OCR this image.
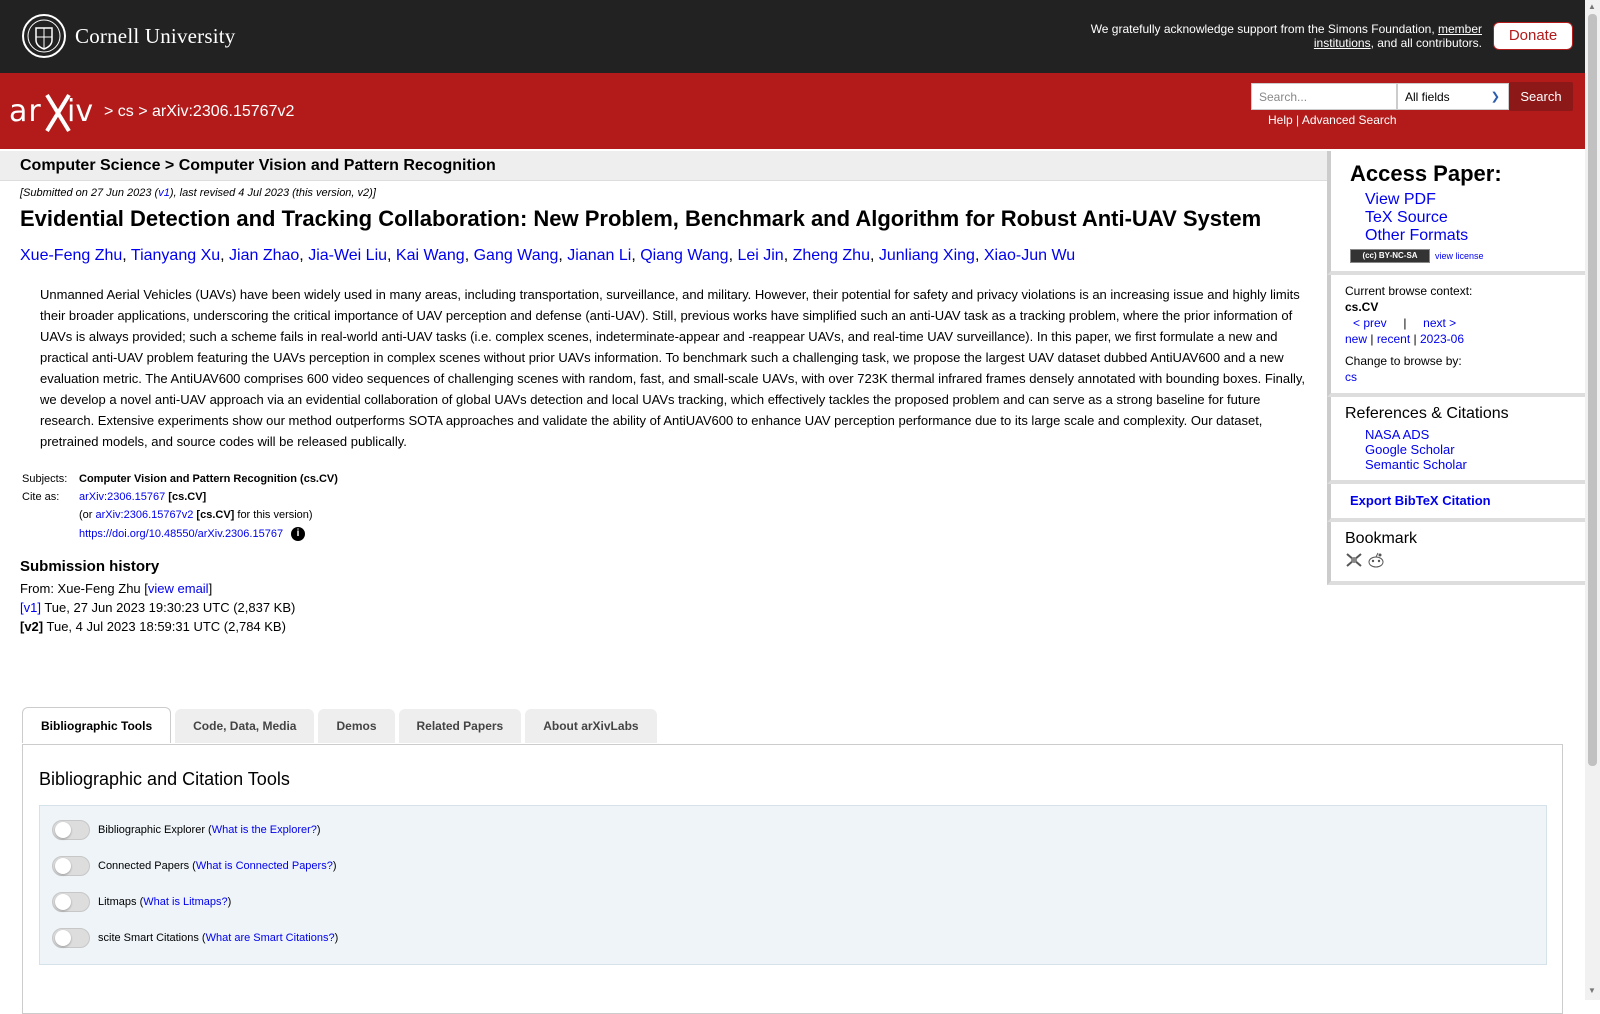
Cornell University	We gratefully acknowledge support from the Simons Foundation, member institutions, and all contributors.	Donate
ar iv > cs > arXiv:2306.15767v2
Search...	All fields	❯	Search
Help | Advanced Search
Computer Science > Computer Vision and Pattern Recognition
[Submitted on 27 Jun 2023 (v1), last revised 4 Jul 2023 (this version, v2)]
Evidential Detection and Tracking Collaboration: New Problem, Benchmark and Algorithm for Robust Anti-UAV System
Xue-Feng Zhu, Tianyang Xu, Jian Zhao, Jia-Wei Liu, Kai Wang, Gang Wang, Jianan Li, Qiang Wang, Lei Jin, Zheng Zhu, Junliang Xing, Xiao-Jun Wu
Unmanned Aerial Vehicles (UAVs) have been widely used in many areas, including transportation, surveillance, and military. However, their potential for safety and privacy violations is an increasing issue and highly limits their broader applications, underscoring the critical importance of UAV perception and defense (anti-UAV). Still, previous works have simplified such an anti-UAV task as a tracking problem, where the prior information of UAVs is always provided; such a scheme fails in real-world anti-UAV tasks (i.e. complex scenes, indeterminate-appear and -reappear UAVs, and real-time UAV surveillance). In this paper, we first formulate a new and practical anti-UAV problem featuring the UAVs perception in complex scenes without prior UAVs information. To benchmark such a challenging task, we propose the largest UAV dataset dubbed AntiUAV600 and a new evaluation metric. The AntiUAV600 comprises 600 video sequences of challenging scenes with random, fast, and small-scale UAVs, with over 723K thermal infrared frames densely annotated with bounding boxes. Finally, we develop a novel anti-UAV approach via an evidential collaboration of global UAVs detection and local UAVs tracking, which effectively tackles the proposed problem and can serve as a strong baseline for future research. Extensive experiments show our method outperforms SOTA approaches and validate the ability of AntiUAV600 to enhance UAV perception performance due to its large scale and complexity. Our dataset, pretrained models, and source codes will be released publically.
Subjects:	Computer Vision and Pattern Recognition (cs.CV)
Cite as:	arXiv:2306.15767 [cs.CV]
	(or arXiv:2306.15767v2 [cs.CV] for this version)
	https://doi.org/10.48550/arXiv.2306.15767 i
Submission history
From: Xue-Feng Zhu [view email]
[v1] Tue, 27 Jun 2023 19:30:23 UTC (2,837 KB)
[v2] Tue, 4 Jul 2023 18:59:31 UTC (2,784 KB)
Access Paper:
View PDF
TeX Source
Other Formats
(cc) BY-NC-SA	view license
Current browse context:
cs.CV
< prev | next >
new | recent | 2023-06
Change to browse by:
cs
References & Citations
NASA ADS
Google Scholar
Semantic Scholar
Export BibTeX Citation
Bookmark

Bibliographic Tools	Code, Data, Media	Demos	Related Papers	About arXivLabs
Bibliographic and Citation Tools
Bibliographic Explorer ( What is the Explorer? )
Connected Papers ( What is Connected Papers? )
Litmaps ( What is Litmaps? )
scite Smart Citations ( What are Smart Citations? )
▲
▼
